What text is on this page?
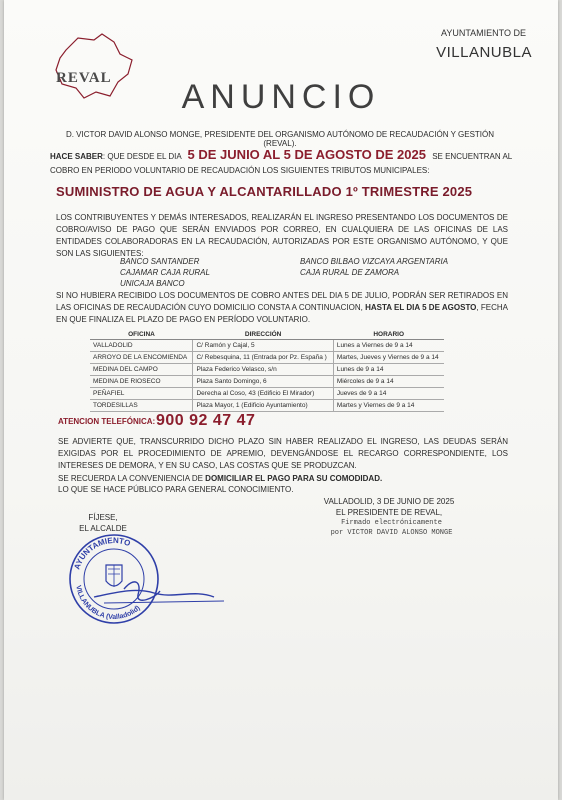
REVAL
AYUNTAMIENTO DE
VILLANUBLA
ANUNCIO
D. VICTOR DAVID ALONSO MONGE, PRESIDENTE DEL ORGANISMO AUTÓNOMO DE RECAUDACIÓN Y GESTIÓN (REVAL).
HACE SABER: QUE DESDE EL DIA 5 DE JUNIO AL 5 DE AGOSTO DE 2025 SE ENCUENTRAN AL
COBRO EN PERIODO VOLUNTARIO DE RECAUDACIÓN LOS SIGUIENTES TRIBUTOS MUNICIPALES:
SUMINISTRO DE AGUA Y ALCANTARILLADO 1º TRIMESTRE 2025
LOS CONTRIBUYENTES Y DEMÁS INTERESADOS, REALIZARÁN EL INGRESO PRESENTANDO LOS DOCUMENTOS DE COBRO/AVISO DE PAGO QUE SERÁN ENVIADOS POR CORREO, EN CUALQUIERA DE LAS OFICINAS DE LAS ENTIDADES COLABORADORAS EN LA RECAUDACIÓN, AUTORIZADAS POR ESTE ORGANISMO AUTÓNOMO, Y QUE SON LAS SIGUIENTES:
BANCO SANTANDER
CAJAMAR CAJA RURAL
UNICAJA BANCO
BANCO BILBAO VIZCAYA ARGENTARIA
CAJA RURAL DE ZAMORA
SI NO HUBIERA RECIBIDO LOS DOCUMENTOS DE COBRO ANTES DEL DIA 5 DE JULIO, PODRÁN SER RETIRADOS EN LAS OFICINAS DE RECAUDACIÓN CUYO DOMICILIO CONSTA A CONTINUACION, HASTA EL DIA 5 DE AGOSTO, FECHA EN QUE FINALIZA EL PLAZO DE PAGO EN PERÍODO VOLUNTARIO.
OFICINA	DIRECCIÓN	HORARIO
VALLADOLID	C/ Ramón y Cajal, 5	Lunes a Viernes de 9 a 14
ARROYO DE LA ENCOMIENDA	C/ Rebesquina, 11 (Entrada por Pz. España )	Martes, Jueves y Viernes de 9 a 14
MEDINA DEL CAMPO	Plaza Federico Velasco, s/n	Lunes de 9 a 14
MEDINA DE RIOSECO	Plaza Santo Domingo, 6	Miércoles de 9 a 14
PEÑAFIEL	Derecha al Coso, 43 (Edificio El Mirador)	Jueves de 9 a 14
TORDESILLAS	Plaza Mayor, 1 (Edificio Ayuntamiento)	Martes y Viernes de 9 a 14
ATENCION TELEFÓNICA: 900 92 47 47
SE ADVIERTE QUE, TRANSCURRIDO DICHO PLAZO SIN HABER REALIZADO EL INGRESO, LAS DEUDAS SERÁN EXIGIDAS POR EL PROCEDIMIENTO DE APREMIO, DEVENGÁNDOSE EL RECARGO CORRESPONDIENTE, LOS INTERESES DE DEMORA, Y EN SU CASO, LAS COSTAS QUE SE PRODUZCAN.
SE RECUERDA LA CONVENIENCIA DE DOMICILIAR EL PAGO PARA SU COMODIDAD.
LO QUE SE HACE PÚBLICO PARA GENERAL CONOCIMIENTO.
VALLADOLID, 3 DE JUNIO DE 2025
EL PRESIDENTE DE REVAL,
Firmado electrónicamente
por VICTOR DAVID ALONSO MONGE
FÍJESE,
EL ALCALDE
AYUNTAMIENTO
VILLANUBLA (Valladolid)
